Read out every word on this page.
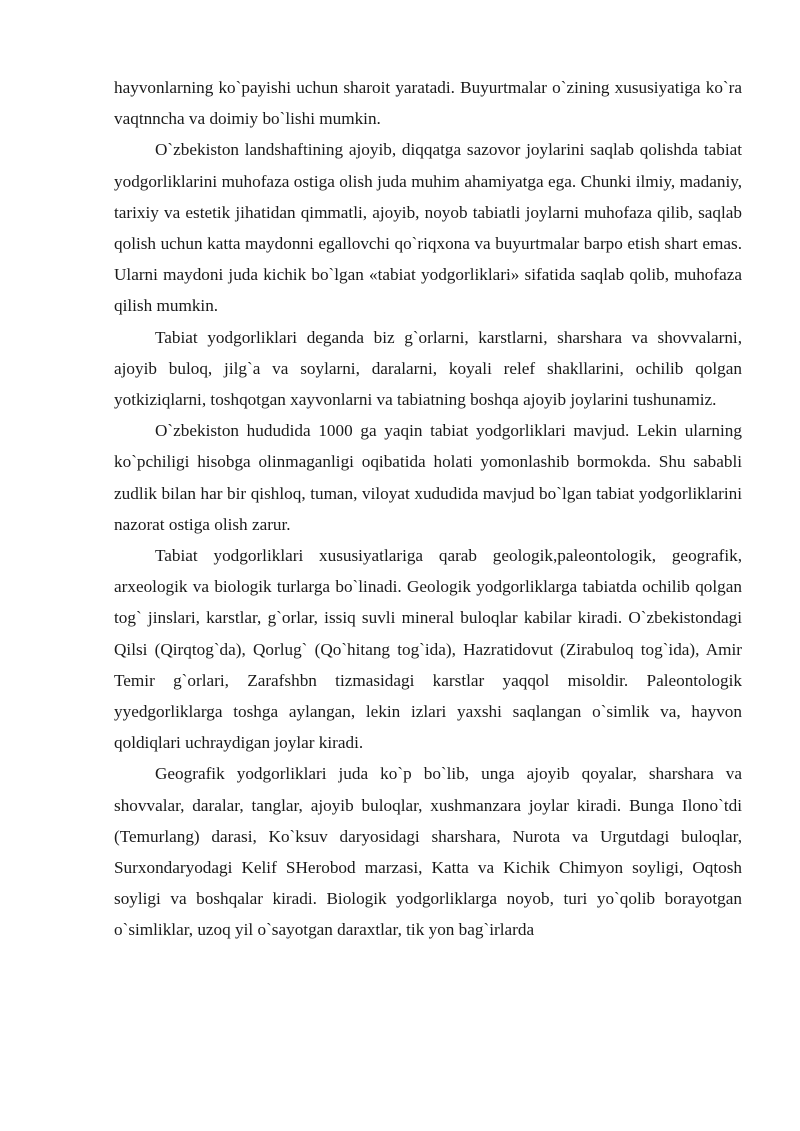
hayvonlarning ko`payishi uchun sharoit yaratadi. Buyurtmalar o`zining xususiyatiga ko`ra vaqtnncha va doimiy bo`lishi mumkin.

O`zbekiston landshaftining ajoyib, diqqatga sazovor joylarini saqlab qolishda tabiat yodgorliklarini muhofaza ostiga olish juda muhim ahamiyatga ega. Chunki ilmiy, madaniy, tarixiy va estetik jihatidan qimmatli, ajoyib, noyob tabiatli joylarni muhofaza qilib, saqlab qolish uchun katta maydonni egallovchi qo`riqxona va buyurtmalar barpo etish shart emas. Ularni maydoni juda kichik bo`lgan «tabiat yodgorliklari» sifatida saqlab qolib, muhofaza qilish mumkin.

Tabiat yodgorliklari deganda biz g`orlarni, karstlarni, sharshara va shovvalarni, ajoyib buloq, jilg`a va soylarni, daralarni, koyali relef shakllarini, ochilib qolgan yotkiziqlarni, toshqotgan xayvonlarni va tabiatning boshqa ajoyib joylarini tushunamiz.

O`zbekiston hududida 1000 ga yaqin tabiat yodgorliklari mavjud. Lekin ularning ko`pchiligi hisobga olinmaganligi oqibatida holati yomonlashib bormokda. Shu sababli zudlik bilan har bir qishloq, tuman, viloyat xududida mavjud bo`lgan tabiat yodgorliklarini nazorat ostiga olish zarur.

Tabiat yodgorliklari xususiyatlariga qarab geologik,paleontologik, geografik, arxeologik va biologik turlarga bo`linadi. Geologik yodgorliklarga tabiatda ochilib qolgan tog` jinslari, karstlar, g`orlar, issiq suvli mineral buloqlar kabilar kiradi. O`zbekistondagi Qilsi (Qirqtog`da), Qorlug` (Qo`hitang tog`ida), Hazratidovut (Zirabuloq tog`ida), Amir Temir g`orlari, Zarafshbn tizmasidagi karstlar yaqqol misoldir. Paleontologik yyedgorliklarga toshga aylangan, lekin izlari yaxshi saqlangan o`simlik va, hayvon qoldiqlari uchraydigan joylar kiradi.

Geografik yodgorliklari juda ko`p bo`lib, unga ajoyib qoyalar, sharshara va shovvalar, daralar, tanglar, ajoyib buloqlar, xushmanzara joylar kiradi. Bunga Ilono`tdi (Temurlang) darasi, Ko`ksuv daryosidagi sharshara, Nurota va Urgutdagi buloqlar, Surxondaryodagi Kelif SHerobod marzasi, Katta va Kichik Chimyon soyligi, Oqtosh soyligi va boshqalar kiradi. Biologik yodgorliklarga noyob, turi yo`qolib borayotgan o`simliklar, uzoq yil o`sayotgan daraxtlar, tik yon bag`irlarda
